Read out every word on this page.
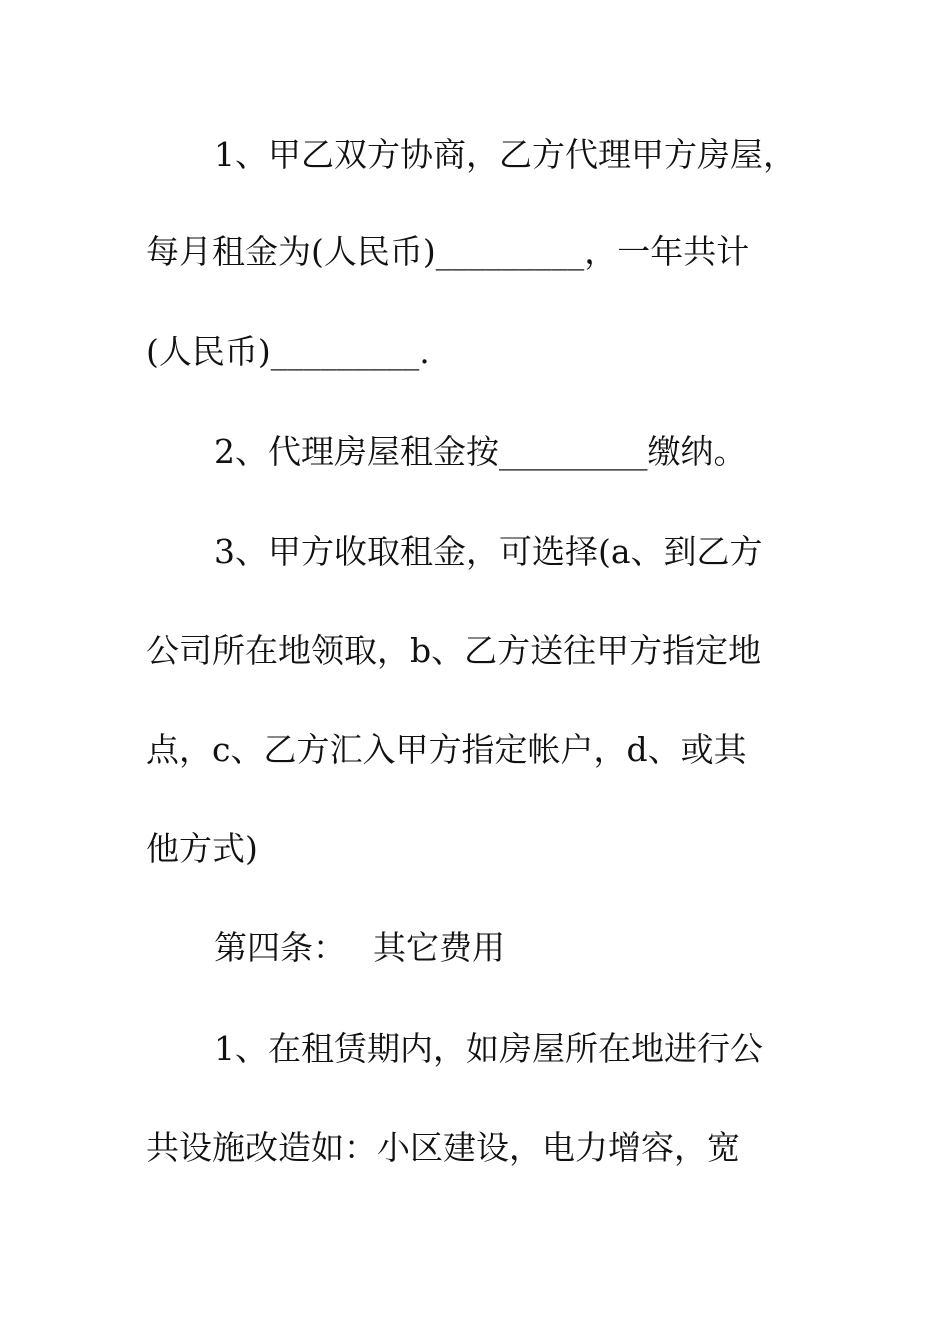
1、甲乙双方协商，乙方代理甲方房屋，
每月租金为(人民币)_________，一年共计
(人民币)_________.
2、代理房屋租金按_________缴纳。
3、甲方收取租金，可选择(a、到乙方
公司所在地领取，b、乙方送往甲方指定地
点，c、乙方汇入甲方指定帐户，d、或其
他方式)
第四条：　 其它费用
1、在租赁期内，如房屋所在地进行公
共设施改造如：小区建设，电力增容，宽
